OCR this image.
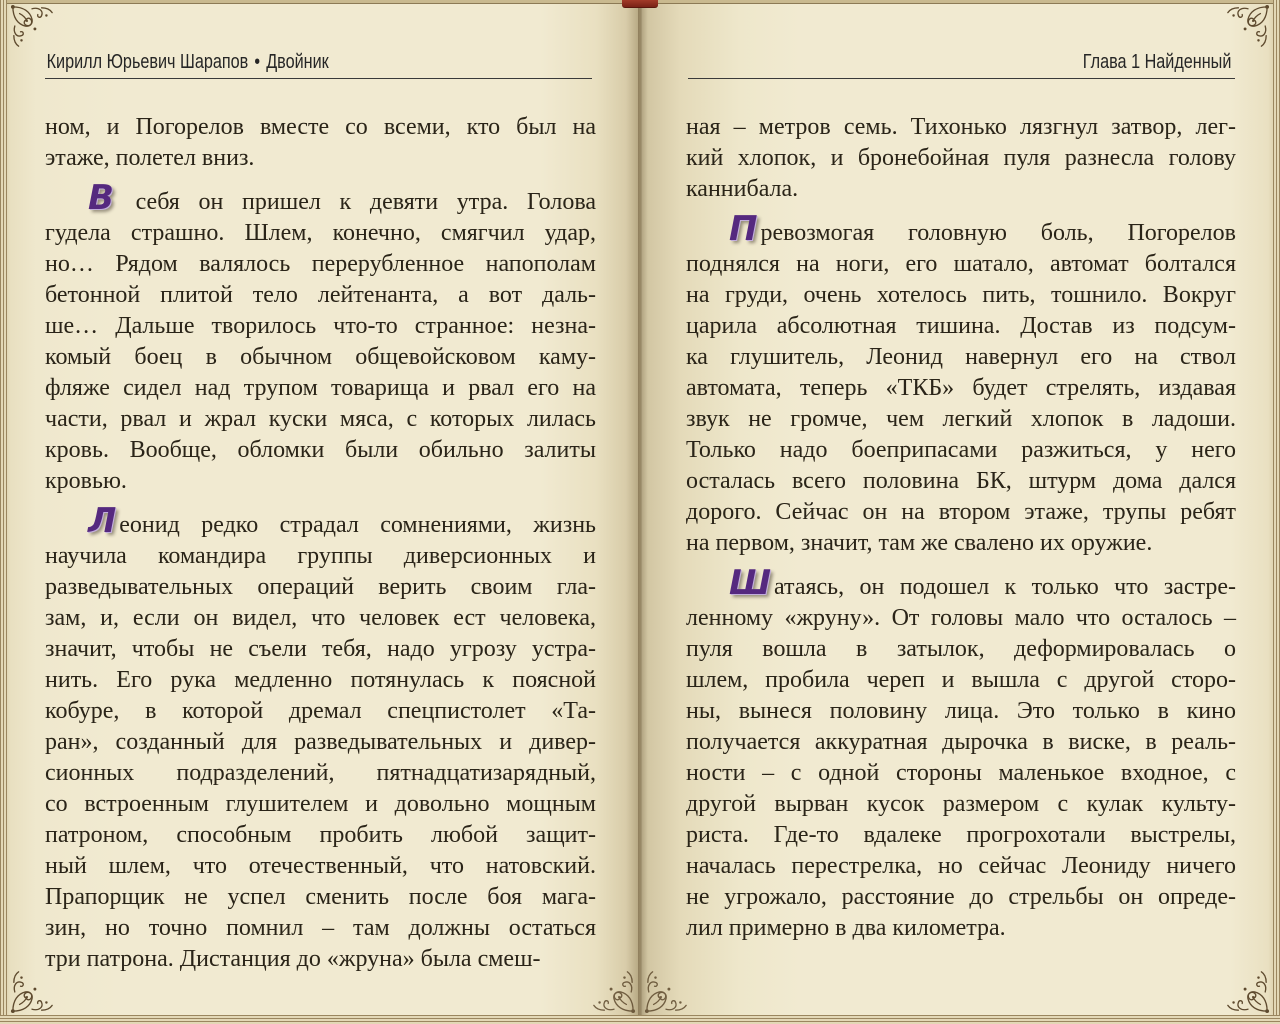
Кирилл Юрьевич Шарапов • Двойник	Глава 1 Найденный
ном, и Погорелов вместе со всеми, кто был на
этаже, полетел вниз.
В себя он пришел к девяти утра. Голова
гудела страшно. Шлем, конечно, смягчил удар,
но… Рядом валялось перерубленное напополам
бетонной плитой тело лейтенанта, а вот даль-
ше… Дальше творилось что-то странное: незна-
комый боец в обычном общевойсковом каму-
фляже сидел над трупом товарища и рвал его на
части, рвал и жрал куски мяса, с которых лилась
кровь. Вообще, обломки были обильно залиты
кровью.
Л еонид редко страдал сомнениями, жизнь
научила командира группы диверсионных и
разведывательных операций верить своим гла-
зам, и, если он видел, что человек ест человека,
значит, чтобы не съели тебя, надо угрозу устра-
нить. Его рука медленно потянулась к поясной
кобуре, в которой дремал спецпистолет «Та-
ран», созданный для разведывательных и дивер-
сионных подразделений, пятнадцатизарядный,
со встроенным глушителем и довольно мощным
патроном, способным пробить любой защит-
ный шлем, что отечественный, что натовский.
Прапорщик не успел сменить после боя мага-
зин, но точно помнил – там должны остаться
три патрона. Дистанция до «жруна» была смеш-
ная – метров семь. Тихонько лязгнул затвор, лег-
кий хлопок, и бронебойная пуля разнесла голову
каннибала.
П ревозмогая головную боль, Погорелов
поднялся на ноги, его шатало, автомат болтался
на груди, очень хотелось пить, тошнило. Вокруг
царила абсолютная тишина. Достав из подсум-
ка глушитель, Леонид навернул его на ствол
автомата, теперь «ТКБ» будет стрелять, издавая
звук не громче, чем легкий хлопок в ладоши.
Только надо боеприпасами разжиться, у него
осталась всего половина БК, штурм дома дался
дорого. Сейчас он на втором этаже, трупы ребят
на первом, значит, там же свалено их оружие.
Ш атаясь, он подошел к только что застре-
ленному «жруну». От головы мало что осталось –
пуля вошла в затылок, деформировалась о
шлем, пробила череп и вышла с другой сторо-
ны, вынеся половину лица. Это только в кино
получается аккуратная дырочка в виске, в реаль-
ности – с одной стороны маленькое входное, с
другой вырван кусок размером с кулак культу-
риста. Где-то вдалеке прогрохотали выстрелы,
началась перестрелка, но сейчас Леониду ничего
не угрожало, расстояние до стрельбы он опреде-
лил примерно в два километра.
